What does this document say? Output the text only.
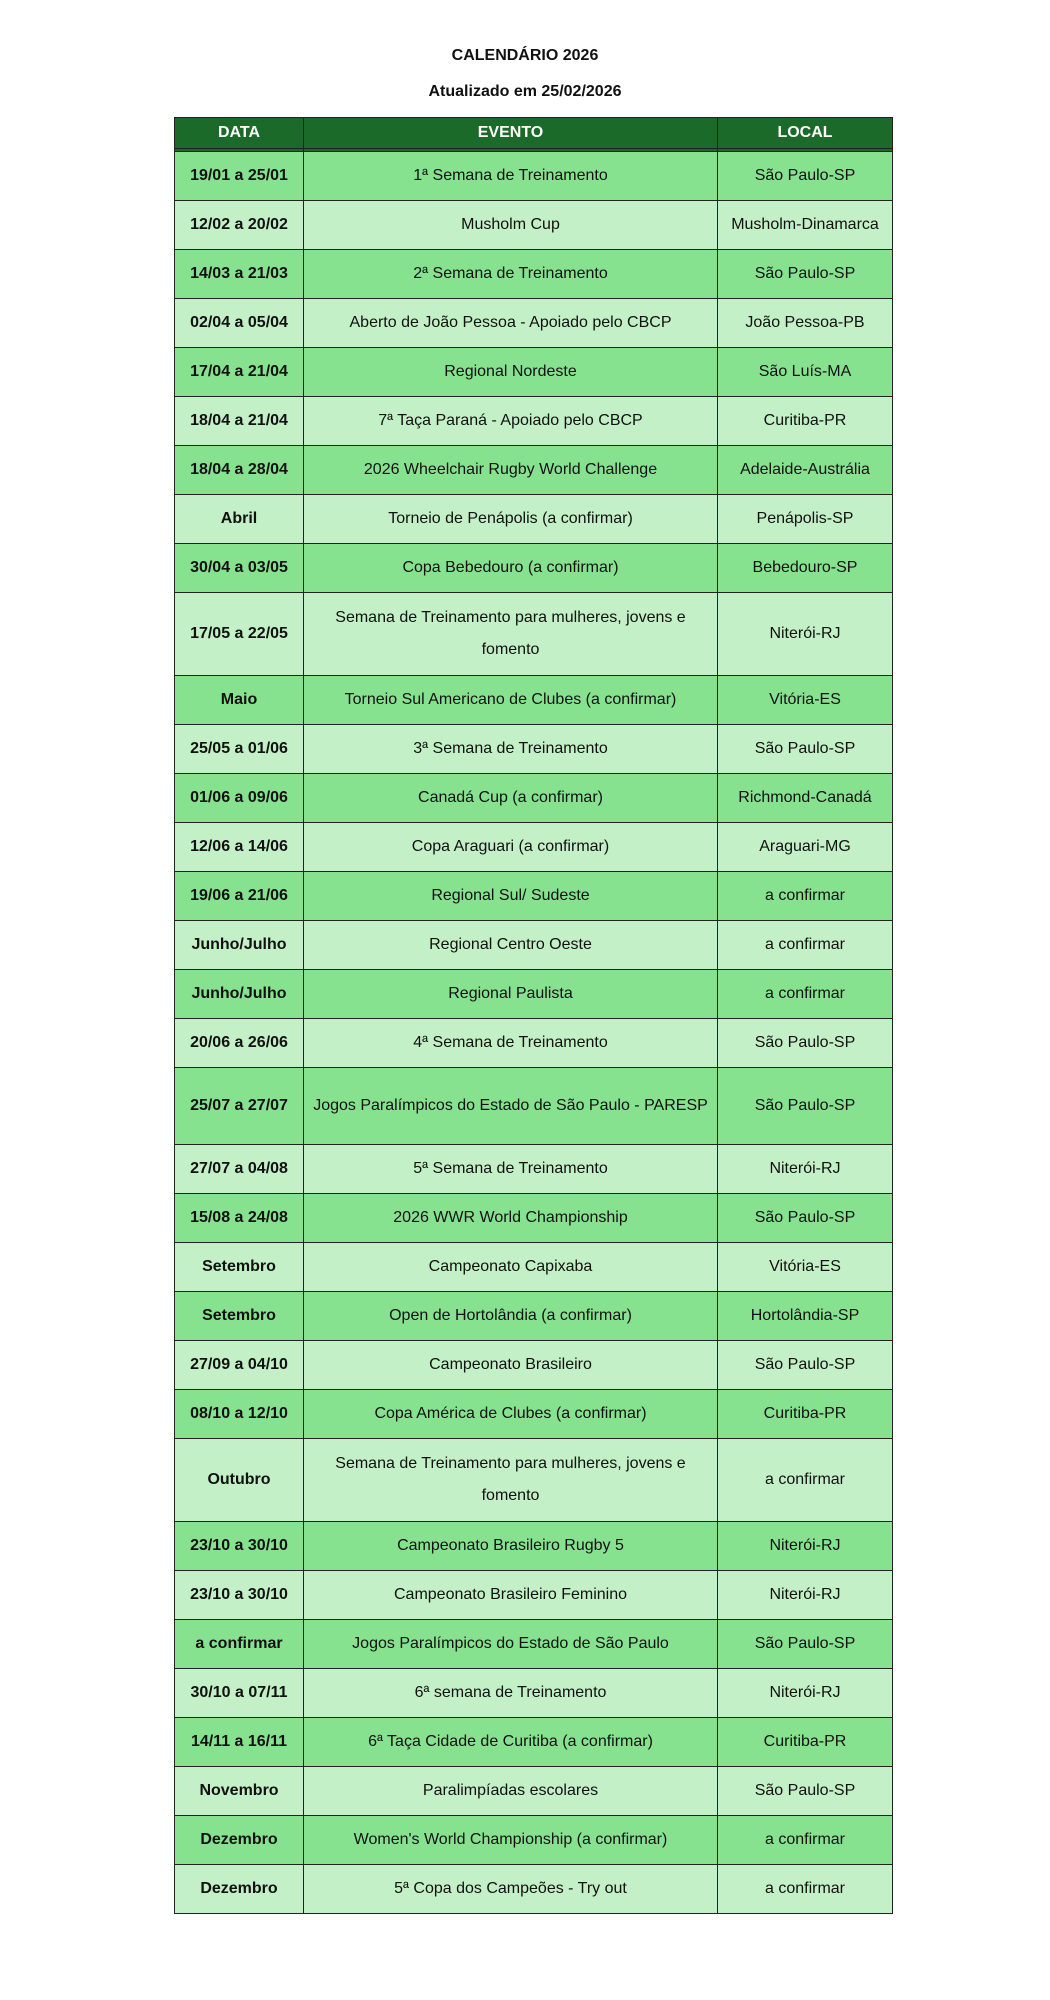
CALENDÁRIO 2026
Atualizado em 25/02/2026
DATA	EVENTO	LOCAL

19/01 a 25/01	1ª Semana de Treinamento	São Paulo-SP
12/02 a 20/02	Musholm Cup	Musholm-Dinamarca
14/03 a 21/03	2ª Semana de Treinamento	São Paulo-SP
02/04 a 05/04	Aberto de João Pessoa - Apoiado pelo CBCP	João Pessoa-PB
17/04 a 21/04	Regional Nordeste	São Luís-MA
18/04 a 21/04	7ª Taça Paraná - Apoiado pelo CBCP	Curitiba-PR
18/04 a 28/04	2026 Wheelchair Rugby World Challenge	Adelaide-Austrália
Abril	Torneio de Penápolis (a confirmar)	Penápolis-SP
30/04 a 03/05	Copa Bebedouro (a confirmar)	Bebedouro-SP
17/05 a 22/05	Semana de Treinamento para mulheres, jovens e fomento	Niterói-RJ
Maio	Torneio Sul Americano de Clubes (a confirmar)	Vitória-ES
25/05 a 01/06	3ª Semana de Treinamento	São Paulo-SP
01/06 a 09/06	Canadá Cup (a confirmar)	Richmond-Canadá
12/06 a 14/06	Copa Araguari (a confirmar)	Araguari-MG
19/06 a 21/06	Regional Sul/ Sudeste	a confirmar
Junho/Julho	Regional Centro Oeste	a confirmar
Junho/Julho	Regional Paulista	a confirmar
20/06 a 26/06	4ª Semana de Treinamento	São Paulo-SP
25/07 a 27/07	Jogos Paralímpicos do Estado de São Paulo - PARESP	São Paulo-SP
27/07 a 04/08	5ª Semana de Treinamento	Niterói-RJ
15/08 a 24/08	2026 WWR World Championship	São Paulo-SP
Setembro	Campeonato Capixaba	Vitória-ES
Setembro	Open de Hortolândia (a confirmar)	Hortolândia-SP
27/09 a 04/10	Campeonato Brasileiro	São Paulo-SP
08/10 a 12/10	Copa América de Clubes (a confirmar)	Curitiba-PR
Outubro	Semana de Treinamento para mulheres, jovens e fomento	a confirmar
23/10 a 30/10	Campeonato Brasileiro Rugby 5	Niterói-RJ
23/10 a 30/10	Campeonato Brasileiro Feminino	Niterói-RJ
a confirmar	Jogos Paralímpicos do Estado de São Paulo	São Paulo-SP
30/10 a 07/11	6ª semana de Treinamento	Niterói-RJ
14/11 a 16/11	6ª Taça Cidade de Curitiba (a confirmar)	Curitiba-PR
Novembro	Paralimpíadas escolares	São Paulo-SP
Dezembro	Women's World Championship (a confirmar)	a confirmar
Dezembro	5ª Copa dos Campeões - Try out	a confirmar
